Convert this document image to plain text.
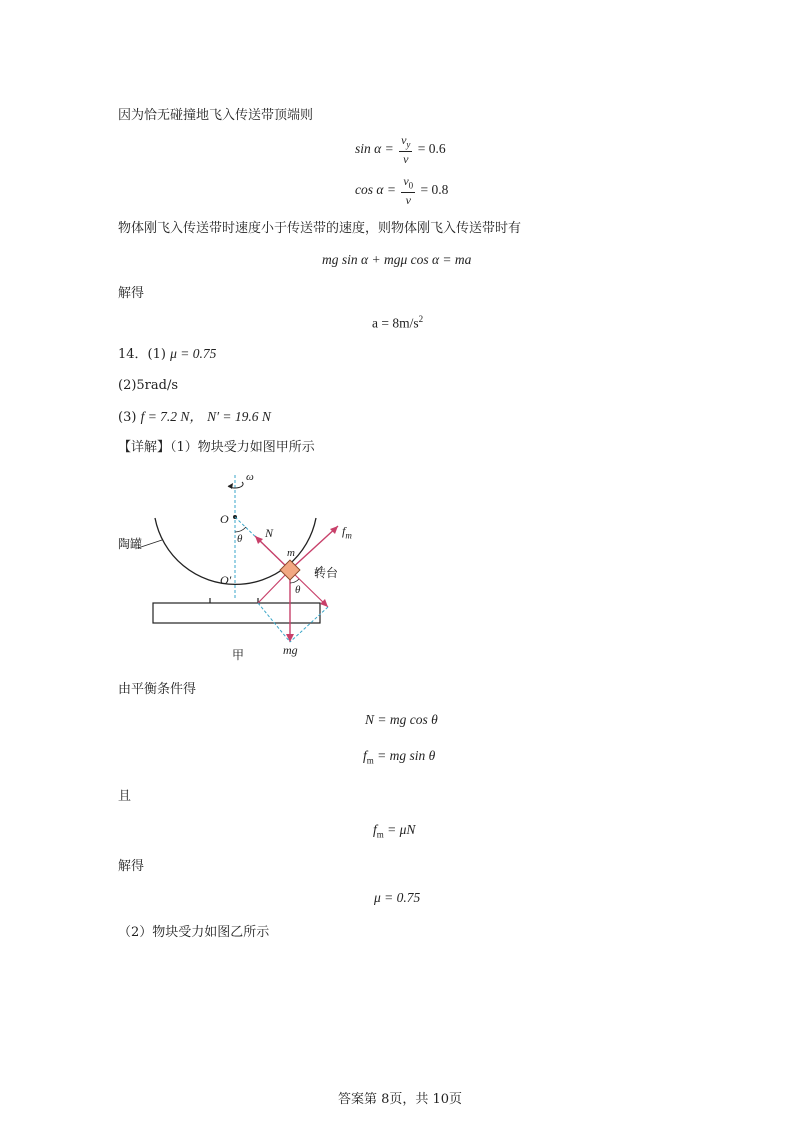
因为恰无碰撞地飞入传送带顶端则
$\sin \alpha = \frac{v_y}{v} = 0.6$
$\cos \alpha = \frac{v_0}{v} = 0.8$
物体刚飞入传送带时速度小于传送带的速度，则物体刚飞入传送带时有
mg sin α + mgμ cos α = ma
解得
$a = 8m/s^2$
14．(1) μ = 0.75
(2)5rad/s
(3) f = 7.2 N， N′ = 19.6 N
【详解】（1）物块受力如图甲所示
ω
O
θ N	$f_m$
m
陶罐
O′	转台
θ
mg
甲
由平衡条件得
N = mg cos θ
$f_m$ = mg sin θ
且
$f_m = \mu N$
解得
μ = 0.75
（2）物块受力如图乙所示
答案第 8页，共 10页
